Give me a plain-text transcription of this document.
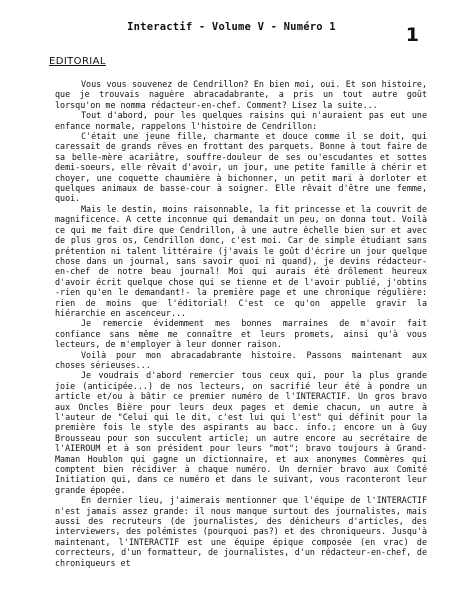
Interactif - Volume V - Numéro 1	1
EDITORIAL

Vous vous souvenez de Cendrillon? En bien moi, oui. Et son histoire, que je trouvais naguère abracadabrante, a pris un tout autre goût lorsqu'on me nomma rédacteur-en-chef. Comment? Lisez la suite...

Tout d'abord, pour les quelques raisins qui n'auraient pas eut une enfance normale, rappelons l'histoire de Cendrillon:

C'était une jeune fille, charmante et douce comme il se doit, qui caressait de grands rêves en frottant des parquets. Bonne à tout faire de sa belle-mère acariâtre, souffre-douleur de ses ou'escudantes et sottes demi-soeurs, elle rêvait d'avoir, un jour, une petite famille à chérir et choyer, une coquette chaumière à bichonner, un petit mari à dorloter et quelques animaux de basse-cour à soigner. Elle rêvait d'être une femme, quoi.

Mais le destin, moins raisonnable, la fit princesse et la couvrit de magnificence. A cette inconnue qui demandait un peu, on donna tout. Voilà ce qui me fait dire que Cendrillon, à une autre échelle bien sur et avec de plus gros os, Cendrillon donc, c'est moi. Car de simple étudiant sans prétention ni talent littéraire (j'avais le goût d'écrire un jour quelque chose dans un journal, sans savoir quoi ni quand), je devins rédacteur-en-chef de notre beau journal! Moi qui aurais été drôlement heureux d'avoir écrit quelque chose qui se tienne et de l'avoir publié, j'obtins -rien qu'en le demandant!- la première page et une chronique régulière: rien de moins que l'éditorial! C'est ce qu'on appelle gravir la hiérarchie en ascenceur...

Je remercie évidemment mes bonnes marraines de m'avoir fait confiance sans même me connaître et leurs promets, ainsi qu'à vous lecteurs, de m'employer à leur donner raison.

Voilà pour mon abracadabrante histoire. Passons maintenant aux choses sérieuses...

Je voudrais d'abord remercier tous ceux qui, pour la plus grande joie (anticipée...) de nos lecteurs, on sacrifié leur été à pondre un article et/ou à bâtir ce premier numéro de l'INTERACTIF. Un gros bravo aux Oncles Bière pour leurs deux pages et demie chacun, un autre à l'auteur de "Celui qui le dit, c'est lui qui l'est" qui définit pour la première fois le style des aspirants au bacc. info.; encore un à Guy Brousseau pour son succulent article; un autre encore au secrétaire de l'AIEROUM et à son président pour leurs "mot"; bravo toujours à Grand-Maman Houblon qui gagne un dictionnaire, et aux anonymes Commères qui comptent bien récidiver à chaque numéro. Un dernier bravo aux Comité Initiation qui, dans ce numéro et dans le suivant, vous raconteront leur grande épopée.

En dernier lieu, j'aimerais mentionner que l'équipe de l'INTERACTIF n'est jamais assez grande: il nous manque surtout des journalistes, mais aussi des recruteurs (de journalistes, des dénicheurs d'articles, des interviewers, des polémistes (pourquoi pas?) et des chroniqueurs. Jusqu'à maintenant, l'INTERACTIF est une équipe épique composée (en vrac) de correcteurs, d'un formatteur, de journalistes, d'un rédacteur-en-chef, de chroniqueurs et
